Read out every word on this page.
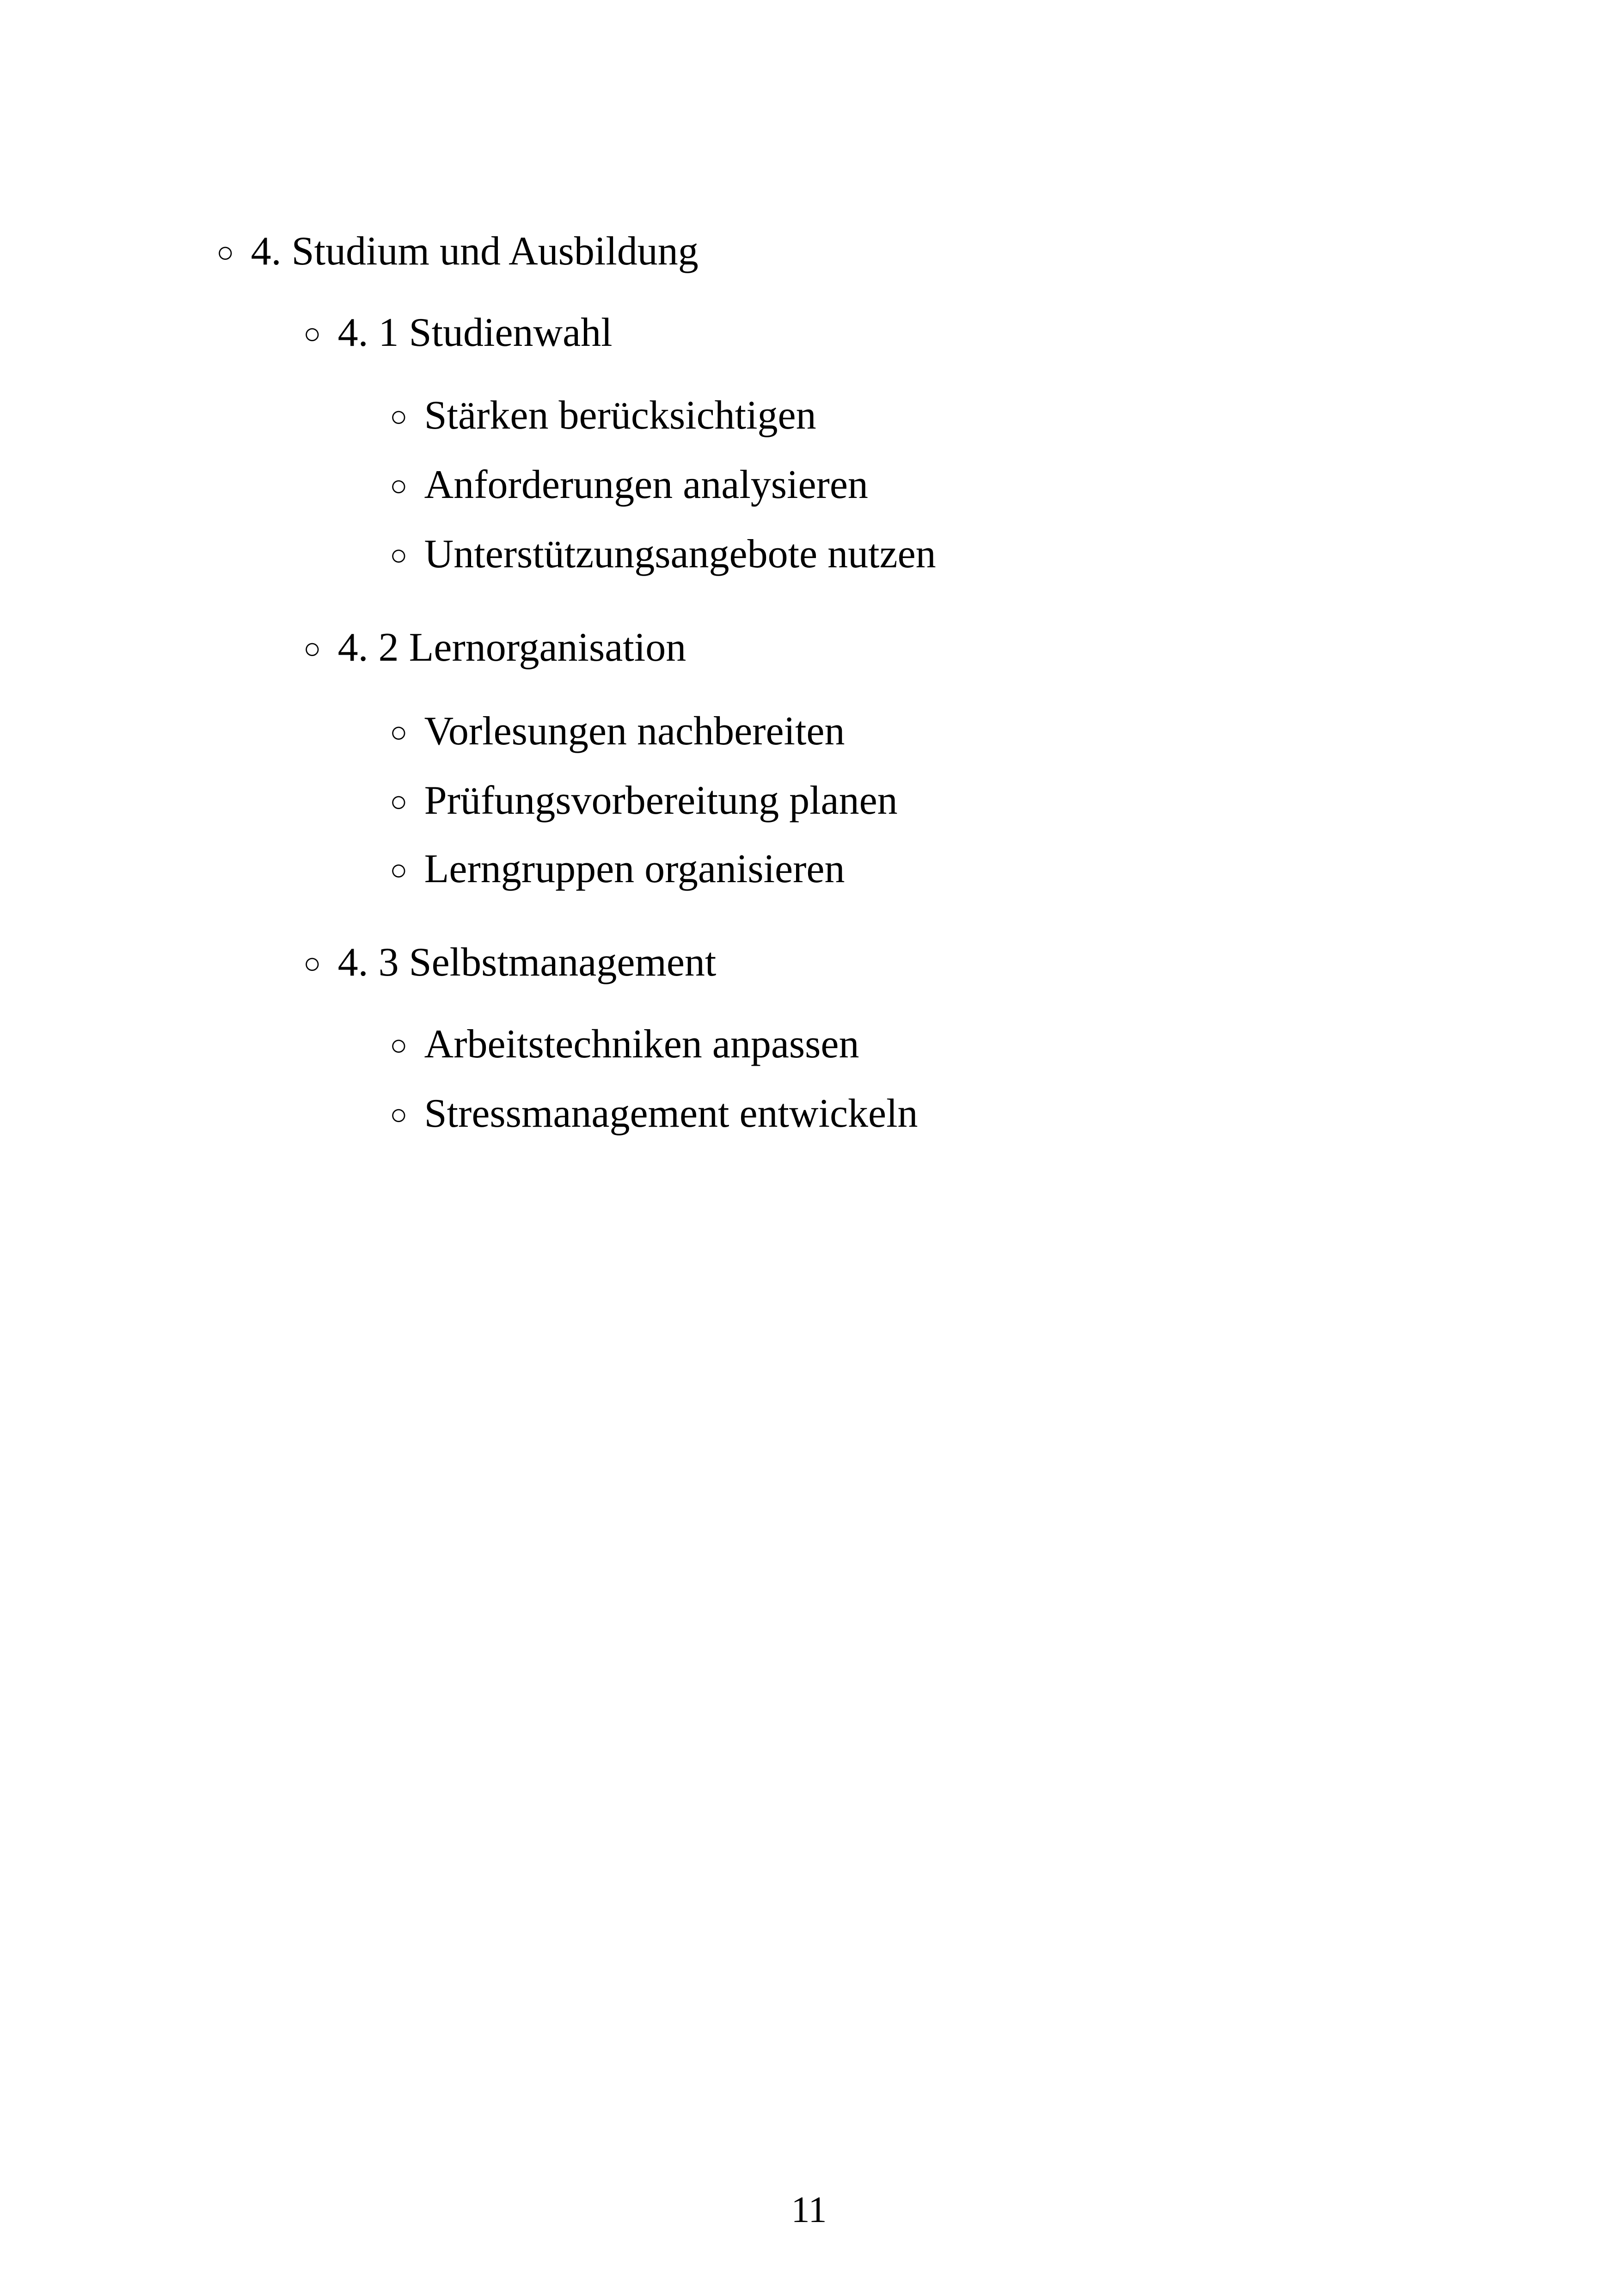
○ 4. Studium und Ausbildung
○ 4. 1 Studienwahl
○ Stärken berücksichtigen
○ Anforderungen analysieren
○ Unterstützungsangebote nutzen
○ 4. 2 Lernorganisation
○ Vorlesungen nachbereiten
○ Prüfungsvorbereitung planen
○ Lerngruppen organisieren
○ 4. 3 Selbstmanagement
○ Arbeitstechniken anpassen
○ Stressmanagement entwickeln
11
